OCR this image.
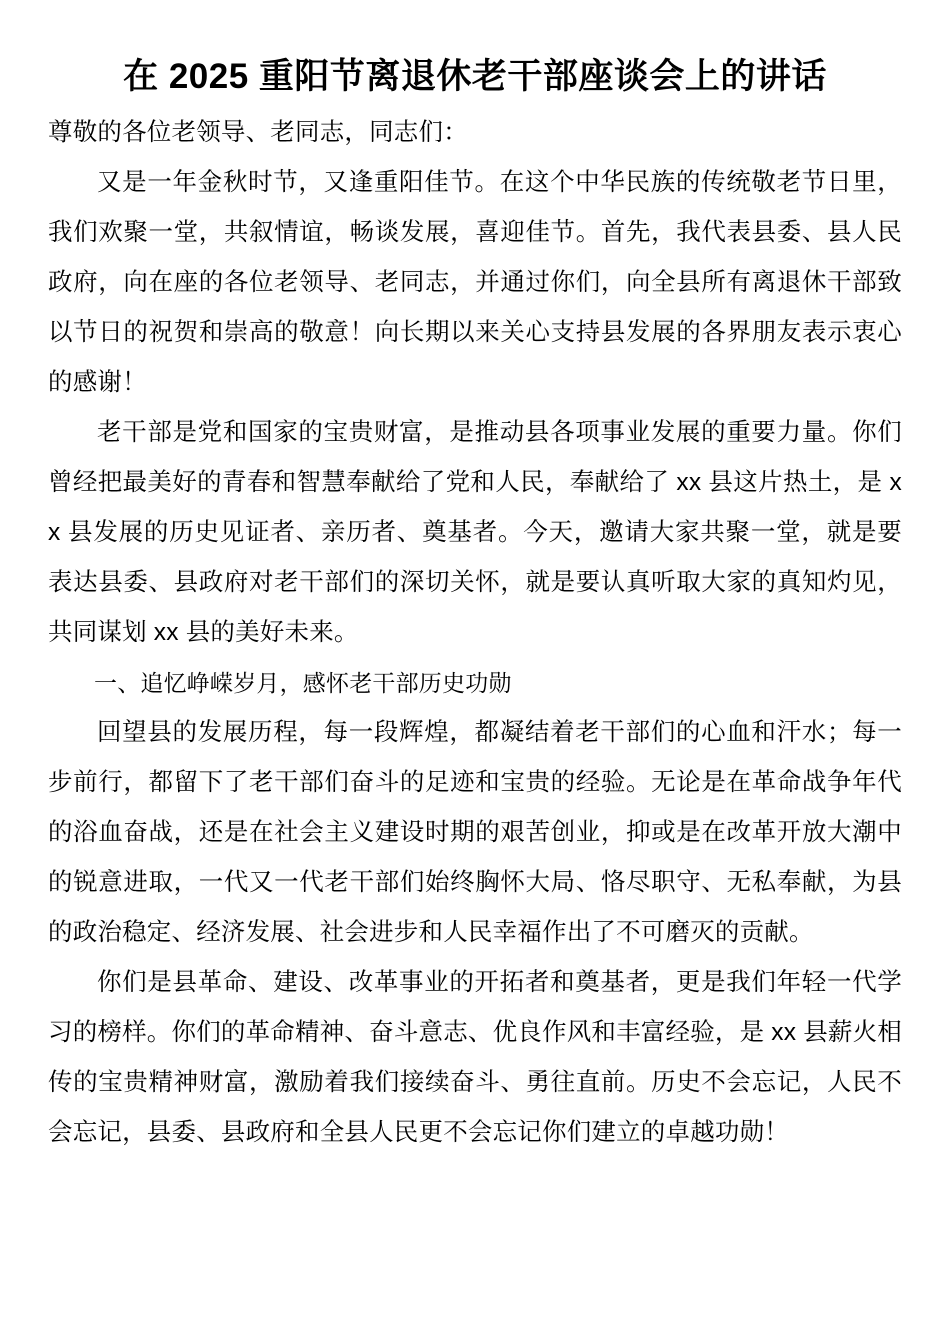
在 2025 重阳节离退休老干部座谈会上的讲话

尊敬的各位老领导、老同志，同志们：

又是一年金秋时节，又逢重阳佳节。在这个中华民族的传统敬老节日里，我们欢聚一堂，共叙情谊，畅谈发展，喜迎佳节。首先，我代表县委、县人民政府，向在座的各位老领导、老同志，并通过你们，向全县所有离退休干部致以节日的祝贺和崇高的敬意！向长期以来关心支持县发展的各界朋友表示衷心的感谢！

老干部是党和国家的宝贵财富，是推动县各项事业发展的重要力量。你们曾经把最美好的青春和智慧奉献给了党和人民，奉献给了 xx 县这片热土，是 xx 县发展的历史见证者、亲历者、奠基者。今天，邀请大家共聚一堂，就是要表达县委、县政府对老干部们的深切关怀，就是要认真听取大家的真知灼见，共同谋划 xx 县的美好未来。

一、追忆峥嵘岁月，感怀老干部历史功勋

回望县的发展历程，每一段辉煌，都凝结着老干部们的心血和汗水；每一步前行，都留下了老干部们奋斗的足迹和宝贵的经验。无论是在革命战争年代的浴血奋战，还是在社会主义建设时期的艰苦创业，抑或是在改革开放大潮中的锐意进取，一代又一代老干部们始终胸怀大局、恪尽职守、无私奉献，为县的政治稳定、经济发展、社会进步和人民幸福作出了不可磨灭的贡献。

你们是县革命、建设、改革事业的开拓者和奠基者，更是我们年轻一代学习的榜样。你们的革命精神、奋斗意志、优良作风和丰富经验，是 xx 县薪火相传的宝贵精神财富，激励着我们接续奋斗、勇往直前。历史不会忘记，人民不会忘记，县委、县政府和全县人民更不会忘记你们建立的卓越功勋！
